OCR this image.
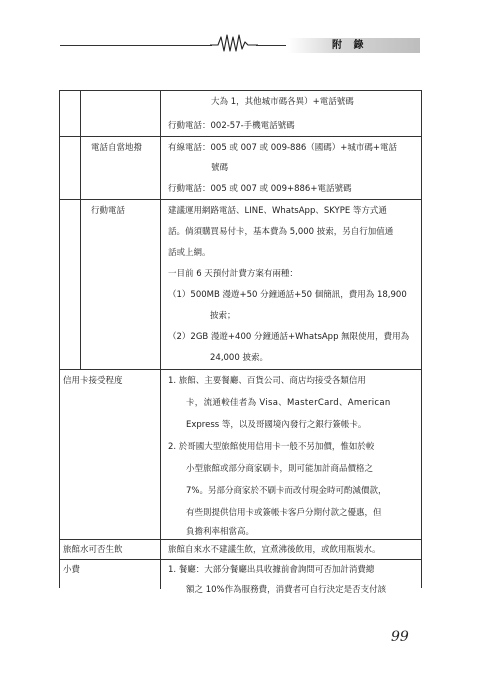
附 錄
大為 1，其他城市碼各異）+電話號碼
行動電話：002-57-手機電話號碼
電話自當地撥	有線電話：005 或 007 或 009-886（國碼）+城市碼+電話
號碼
行動電話：005 或 007 或 009+886+電話號碼
行動電話	建議運用網路電話、LINE、WhatsApp、SKYPE 等方式通
話。倘須購買易付卡，基本費為 5,000 披索，另自行加值通
話或上網。
一目前 6 天預付計費方案有兩種：
（1）500MB 漫遊+50 分鐘通話+50 個簡訊，費用為 18,900
披索；
（2）2GB 漫遊+400 分鐘通話+WhatsApp 無限使用，費用為
24,000 披索。
信用卡接受程度	1. 旅館、主要餐廳、百貨公司、商店均接受各類信用
卡，流通較佳者為 Visa、MasterCard、American
Express 等，以及哥國境內發行之銀行簽帳卡。
2. 於哥國大型旅館使用信用卡一般不另加價，惟如於較
小型旅館或部分商家刷卡，則可能加計商品價格之
7%。另部分商家於不刷卡而改付現金時可酌減價款，
有些則提供信用卡或簽帳卡客戶分期付款之優惠，但
負擔利率相當高。
旅館水可否生飲	旅館自來水不建議生飲，宜煮沸後飲用，或飲用瓶裝水。
小費	1. 餐廳：大部分餐廳出具收據前會詢問可否加計消費總
額之 10%作為服務費，消費者可自行決定是否支付該
99
